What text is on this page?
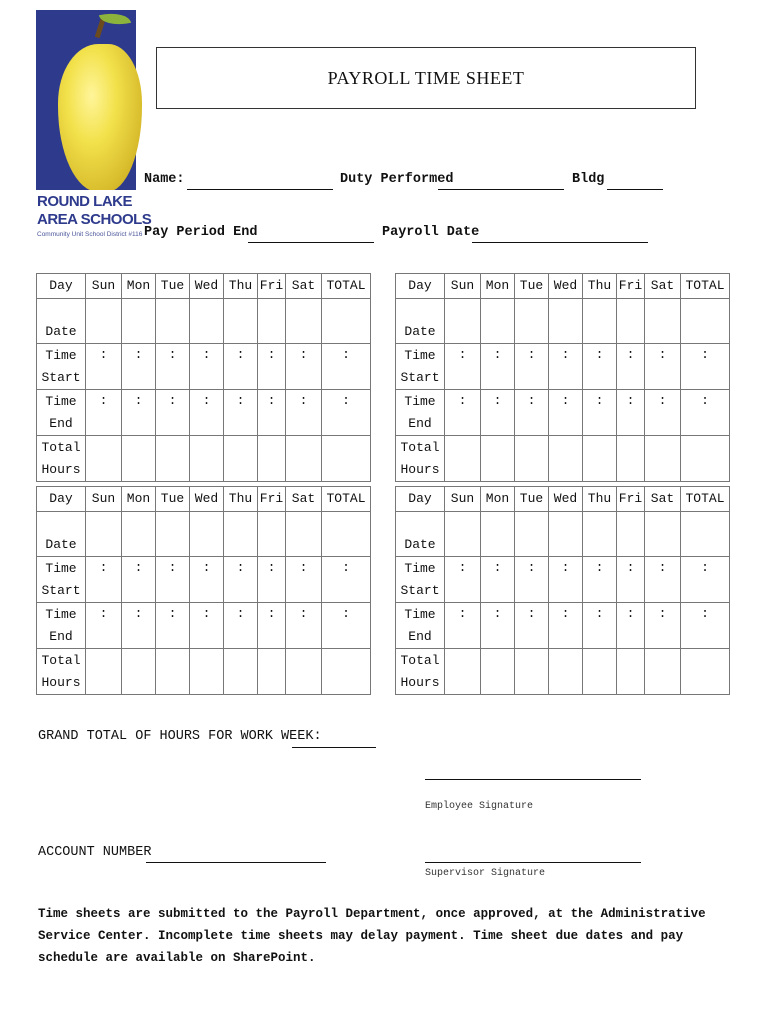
ROUND LAKE
AREA SCHOOLS
Community Unit School District #116
PAYROLL TIME SHEET
Name:	Duty Performed	Bldg
Pay Period End	Payroll Date
Day	Sun	Mon	Tue	Wed	Thu	Fri	Sat	TOTAL
Date								
Time
Start	:	:	:	:	:	:	:	:
Time
End	:	:	:	:	:	:	:	:
Total
Hours								
Day	Sun	Mon	Tue	Wed	Thu	Fri	Sat	TOTAL
Date								
Time
Start	:	:	:	:	:	:	:	:
Time
End	:	:	:	:	:	:	:	:
Total
Hours								
Day	Sun	Mon	Tue	Wed	Thu	Fri	Sat	TOTAL
Date								
Time
Start	:	:	:	:	:	:	:	:
Time
End	:	:	:	:	:	:	:	:
Total
Hours								
Day	Sun	Mon	Tue	Wed	Thu	Fri	Sat	TOTAL
Date								
Time
Start	:	:	:	:	:	:	:	:
Time
End	:	:	:	:	:	:	:	:
Total
Hours								
GRAND TOTAL OF HOURS FOR WORK WEEK:
Employee Signature
ACCOUNT NUMBER
Supervisor Signature
Time sheets are submitted to the Payroll Department, once approved, at the Administrative Service Center. Incomplete time sheets may delay payment. Time sheet due dates and pay schedule are available on SharePoint.
